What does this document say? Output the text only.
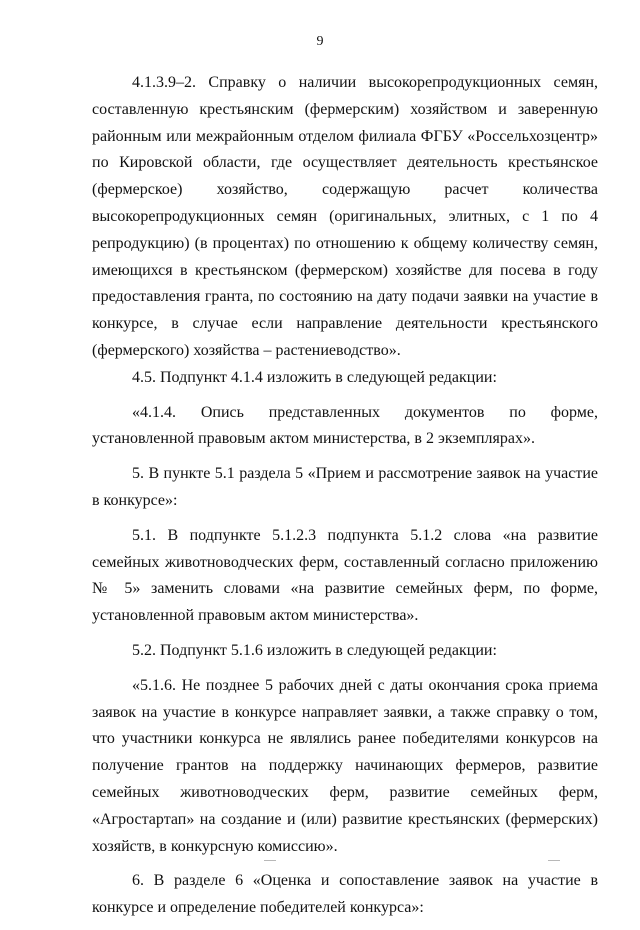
9

4.1.3.9–2. Справку о наличии высокорепродукционных семян, составленную крестьянским (фермерским) хозяйством и заверенную районным или межрайонным отделом филиала ФГБУ «Россельхозцентр» по Кировской области, где осуществляет деятельность крестьянское (фермерское) хозяйство, содержащую расчет количества высокорепродукционных семян (оригинальных, элитных, с 1 по 4 репродукцию) (в процентах) по отношению к общему количеству семян, имеющихся в крестьянском (фермерском) хозяйстве для посева в году предоставления гранта, по состоянию на дату подачи заявки на участие в конкурсе, в случае если направление деятельности крестьянского (фермерского) хозяйства – растениеводство».

4.5. Подпункт 4.1.4 изложить в следующей редакции:

«4.1.4. Опись представленных документов по форме, установленной правовым актом министерства, в 2 экземплярах».

5. В пункте 5.1 раздела 5 «Прием и рассмотрение заявок на участие в конкурсе»:

5.1. В подпункте 5.1.2.3 подпункта 5.1.2 слова «на развитие семейных животноводческих ферм, составленный согласно приложению № 5» заменить словами «на развитие семейных ферм, по форме, установленной правовым актом министерства».

5.2. Подпункт 5.1.6 изложить в следующей редакции:

«5.1.6. Не позднее 5 рабочих дней с даты окончания срока приема заявок на участие в конкурсе направляет заявки, а также справку о том, что участники конкурса не являлись ранее победителями конкурсов на получение грантов на поддержку начинающих фермеров, развитие семейных животноводческих ферм, развитие семейных ферм, «Агростартап» на создание и (или) развитие крестьянских (фермерских) хозяйств, в конкурсную комиссию».

6. В разделе 6 «Оценка и сопоставление заявок на участие в конкурсе и определение победителей конкурса»:
